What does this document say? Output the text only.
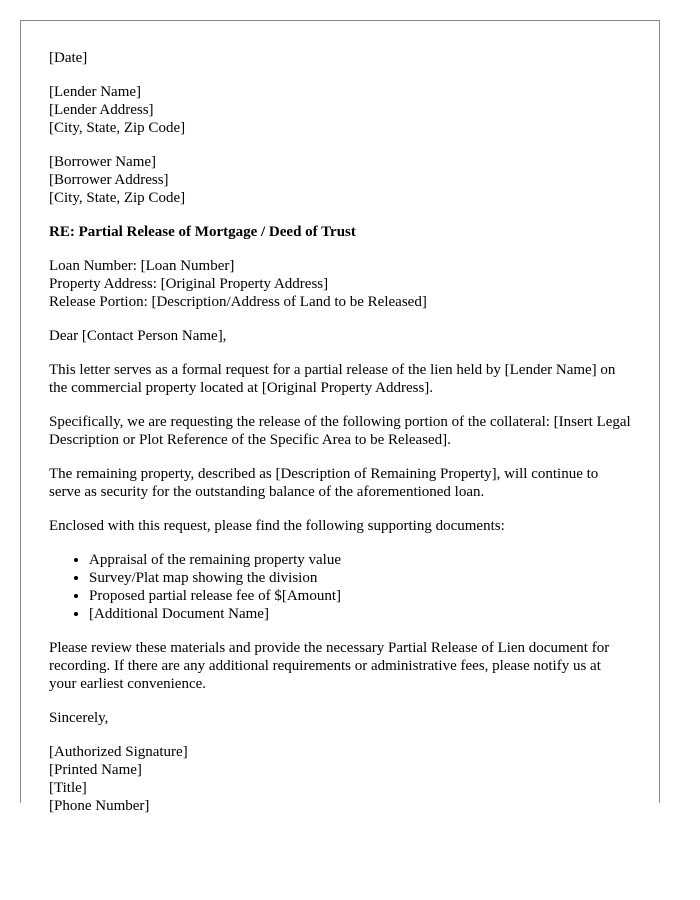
[Date]
[Lender Name]
[Lender Address]
[City, State, Zip Code]
[Borrower Name]
[Borrower Address]
[City, State, Zip Code]
RE: Partial Release of Mortgage / Deed of Trust
Loan Number: [Loan Number]
Property Address: [Original Property Address]
Release Portion: [Description/Address of Land to be Released]
Dear [Contact Person Name],

This letter serves as a formal request for a partial release of the lien held by [Lender Name] on the commercial property located at [Original Property Address].

Specifically, we are requesting the release of the following portion of the collateral: [Insert Legal Description or Plot Reference of the Specific Area to be Released].

The remaining property, described as [Description of Remaining Property], will continue to serve as security for the outstanding balance of the aforementioned loan.

Enclosed with this request, please find the following supporting documents:

• Appraisal of the remaining property value
• Survey/Plat map showing the division
• Proposed partial release fee of $[Amount]
• [Additional Document Name]

Please review these materials and provide the necessary Partial Release of Lien document for recording. If there are any additional requirements or administrative fees, please notify us at your earliest convenience.

Sincerely,
[Authorized Signature]
[Printed Name]
[Title]
[Phone Number]
